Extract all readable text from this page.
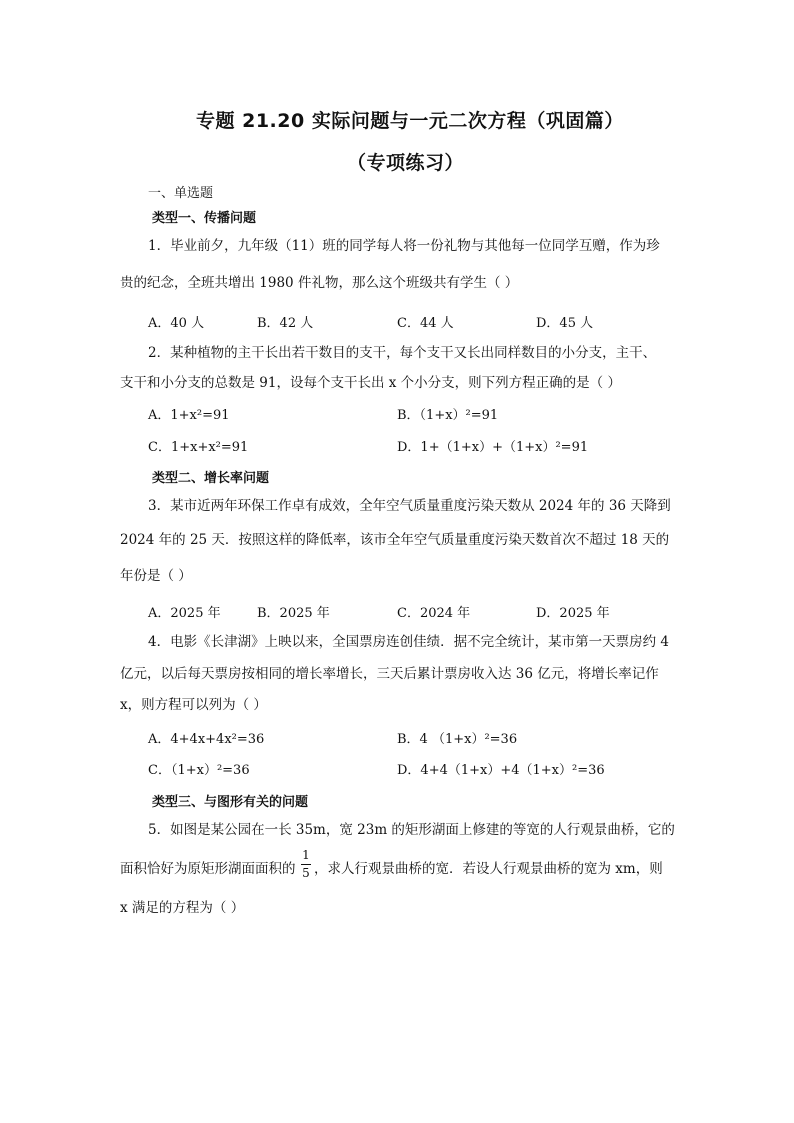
专题 21.20 实际问题与一元二次方程（巩固篇）
（专项练习）
一、单选题
类型一、传播问题
1．毕业前夕，九年级（11）班的同学每人将一份礼物与其他每一位同学互赠，作为珍
贵的纪念，全班共增出 1980 件礼物，那么这个班级共有学生（ ）
A．40 人	B．42 人	C．44 人	D．45 人
2．某种植物的主干长出若干数目的支干，每个支干又长出同样数目的小分支，主干、
支干和小分支的总数是 91，设每个支干长出 x 个小分支，则下列方程正确的是（ ）
A．1+x²=91	B．（1+x）²=91
C．1+x+x²=91	D．1+（1+x）+（1+x）²=91
类型二、增长率问题
3．某市近两年环保工作卓有成效，全年空气质量重度污染天数从 2024 年的 36 天降到
2024 年的 25 天．按照这样的降低率，该市全年空气质量重度污染天数首次不超过 18 天的
年份是（ ）
A．2025 年	B．2025 年	C．2024 年	D．2025 年
4．电影《长津湖》上映以来，全国票房连创佳绩．据不完全统计，某市第一天票房约 4
亿元，以后每天票房按相同的增长率增长，三天后累计票房收入达 36 亿元，将增长率记作
x，则方程可以列为（ ）
A．4+4x+4x²=36	B．4 （1+x）²=36
C．（1+x）²=36	D．4+4（1+x）+4（1+x）²=36
类型三、与图形有关的问题
5．如图是某公园在一长 35m，宽 23m 的矩形湖面上修建的等宽的人行观景曲桥，它的
面积恰好为原矩形湖面面积的
1
5 ，求人行观景曲桥的宽．若设人行观景曲桥的宽为 xm，则
x 满足的方程为（ ）
